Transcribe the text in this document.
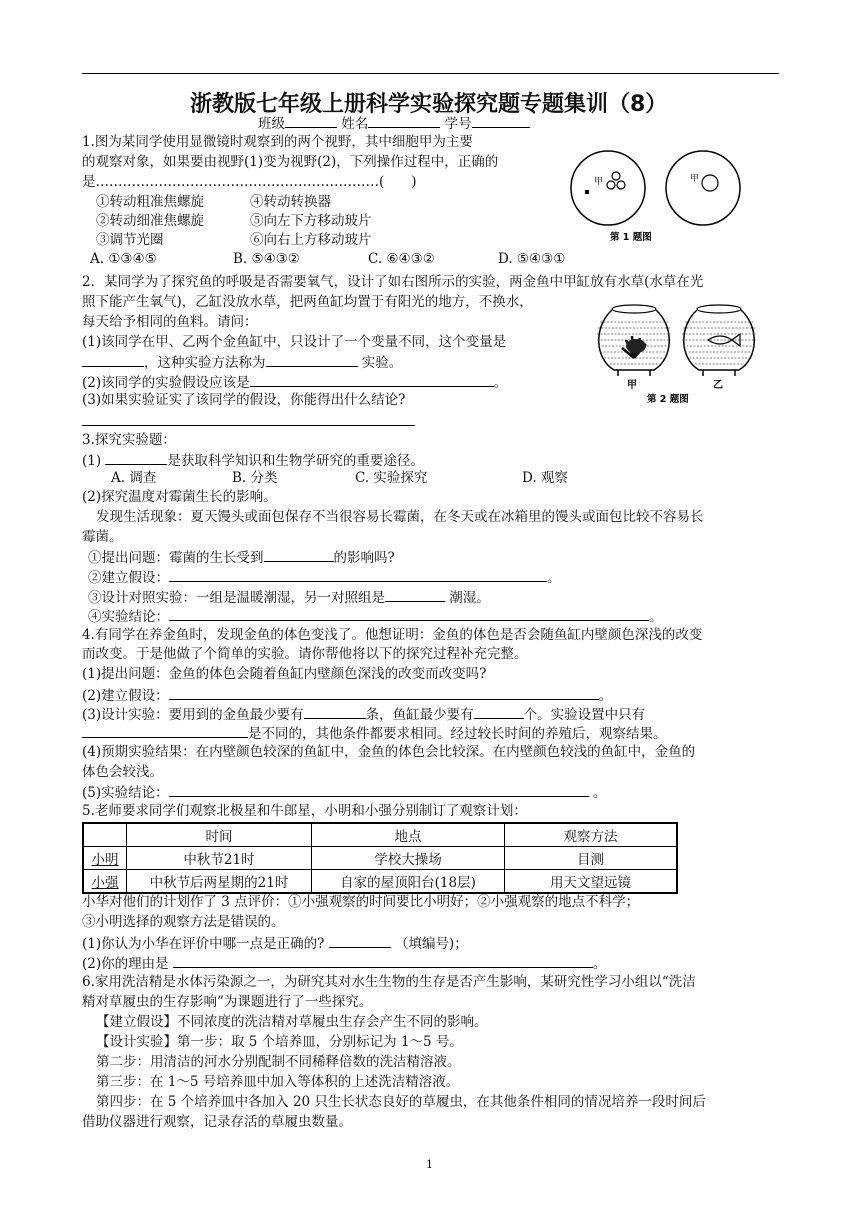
浙教版七年级上册科学实验探究题专题集训（8）
班级	姓名	学号
1.图为某同学使用显微镜时观察到的两个视野，其中细胞甲为主要
的观察对象，如果要由视野(1)变为视野(2)，下列操作过程中，正确的
是………………………………………………………(　　)
①转动粗准焦螺旋	④转动转换器
②转动细准焦螺旋	⑤向左下方移动玻片
③调节光圈	⑥向右上方移动玻片
A. ①③④⑤	B. ⑤④③②	C. ⑥④③②	D. ⑤④③①
甲	甲
第 1 题图
2．某同学为了探究鱼的呼吸是否需要氧气，设计了如右图所示的实验，两金鱼中甲缸放有水草(水草在光
照下能产生氧气)，乙缸没放水草，把两鱼缸均置于有阳光的地方，不换水，
每天给予相同的鱼料。请问：
(1)该同学在甲、乙两个金鱼缸中，只设计了一个变量不同，这个变量是
，这种实验方法称为	实验。
(2)该同学的实验假设应该是	。
(3)如果实验证实了该同学的假设，你能得出什么结论?
甲	乙
第 2 题图
3.探究实验题：
(1)	是获取科学知识和生物学研究的重要途径。
A. 调查	B. 分类	C. 实验探究	D. 观察
(2)探究温度对霉菌生长的影响。
发现生活现象：夏天馒头或面包保存不当很容易长霉菌，在冬天或在冰箱里的馒头或面包比较不容易长
霉菌。
①提出问题：霉菌的生长受到	的影响吗?
②建立假设：	。
③设计对照实验：一组是温暖潮湿，另一对照组是	潮湿。
④实验结论：	。
4.有同学在养金鱼时，发现金鱼的体色变浅了。他想证明：金鱼的体色是否会随鱼缸内壁颜色深浅的改变
而改变。于是他做了个简单的实验。请你帮他将以下的探究过程补充完整。
(1)提出问题：金鱼的体色会随着鱼缸内壁颜色深浅的改变而改变吗?
(2)建立假设：	。
(3)设计实验：要用到的金鱼最少要有	条，鱼缸最少要有	个。实验设置中只有
是不同的，其他条件都要求相同。经过较长时间的养殖后，观察结果。
(4)预期实验结果：在内壁颜色较深的鱼缸中，金鱼的体色会比较深。在内壁颜色较浅的鱼缸中，金鱼的
体色会较浅。
(5)实验结论：	。
5.老师要求同学们观察北极星和牛郎星，小明和小强分别制订了观察计划：
	时间	地点	观察方法
小明	中秋节21时	学校大操场	目测
小强	中秋节后两星期的21时	自家的屋顶阳台(18层)	用天文望远镜
小华对他们的计划作了 3 点评价：①小强观察的时间要比小明好；②小强观察的地点不科学；
③小明选择的观察方法是错误的。
(1)你认为小华在评价中哪一点是正确的?	（填编号)；
(2)你的理由是	。
6.家用洗洁精是水体污染源之一，为研究其对水生生物的生存是否产生影响，某研究性学习小组以“洗洁
精对草履虫的生存影响”为课题进行了一些探究。
【建立假设】不同浓度的洗洁精对草履虫生存会产生不同的影响。
【设计实验】第一步：取 5 个培养皿，分别标记为 1～5 号。
第二步：用清洁的河水分别配制不同稀释倍数的洗洁精溶液。
第三步：在 1～5 号培养皿中加入等体积的上述洗洁精溶液。
第四步：在 5 个培养皿中各加入 20 只生长状态良好的草履虫，在其他条件相同的情况培养一段时间后
借助仪器进行观察，记录存活的草履虫数量。
1
